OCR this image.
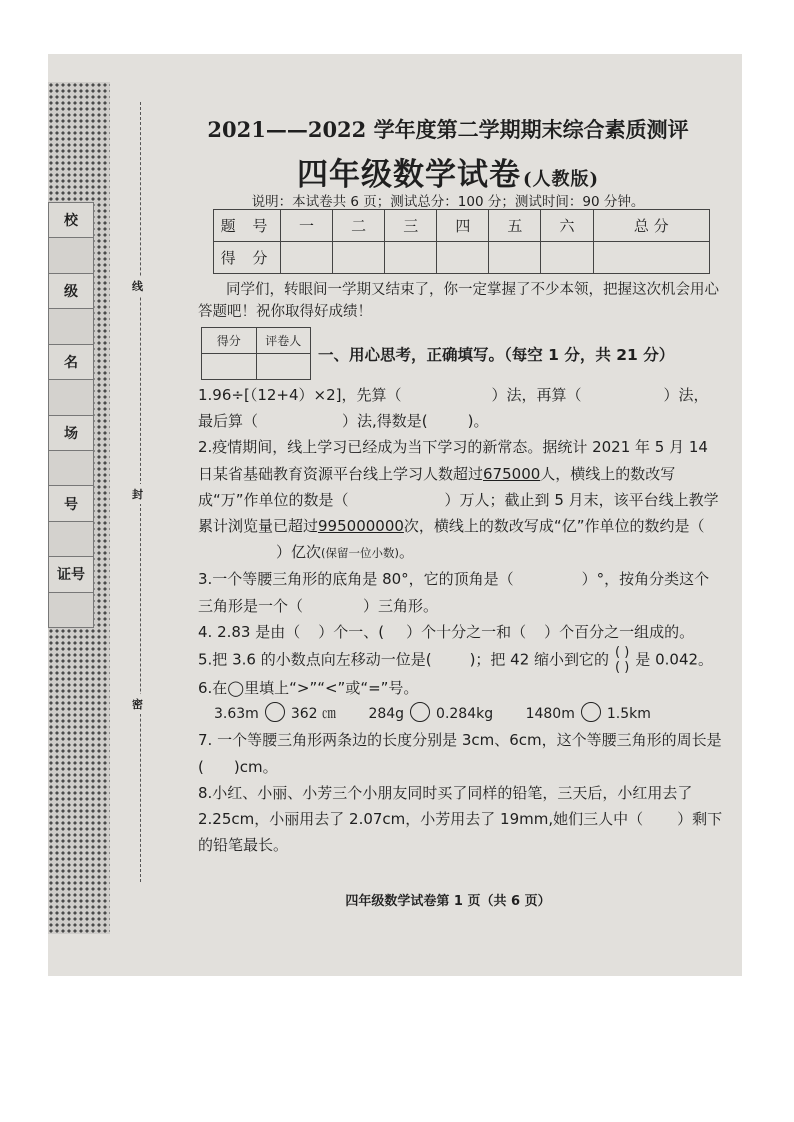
校
级
名
场
号
证号
线
封
密
2021——2022 学年度第二学期期末综合素质测评
四年级数学试卷 (人教版)
说明：本试卷共 6 页；测试总分：100 分；测试时间：90 分钟。
题 号	一	二	三	四	五	六	总 分
得 分							
同学们，转眼间一学期又结束了，你一定掌握了不少本领，把握这次机会用心答题吧！祝你取得好成绩！
得分	评卷人

一、用心思考，正确填写。（每空 1 分，共 21 分）

1.96÷[（12+4）×2]，先算（	）法，再算（	）法，最后算（	）法,得数是(	)。

2.疫情期间，线上学习已经成为当下学习的新常态。据统计 2021 年 5 月 14 日某省基础教育资源平台线上学习人数超过675000人，横线上的数改写成“万”作单位的数是（	）万人；截止到 5 月末，该平台线上教学累计浏览量已超过995000000次，横线上的数改写成“亿”作单位的数约是（）亿次(保留一位小数)。

3.一个等腰三角形的底角是 80°，它的顶角是（	）°，按角分类这个三角形是一个（	）三角形。

4. 2.83 是由（ ）个一、( ）个十分之一和（ ）个百分之一组成的。

5.把 3.6 的小数点向左移动一位是(	)；把 42 缩小到它的 ( )
( ) 是 0.042。

6.在◯里填上“>”“<”或“=”号。

3.63m 362 ㎝ 284g 0.284kg 1480m 1.5km

7. 一个等腰三角形两条边的长度分别是 3cm、6cm，这个等腰三角形的周长是( )cm。

8.小红、小丽、小芳三个小朋友同时买了同样的铅笔，三天后，小红用去了 2.25cm，小丽用去了 2.07cm，小芳用去了 19mm,她们三人中（ ）剩下的铅笔最长。

四年级数学试卷第 1 页（共 6 页）
